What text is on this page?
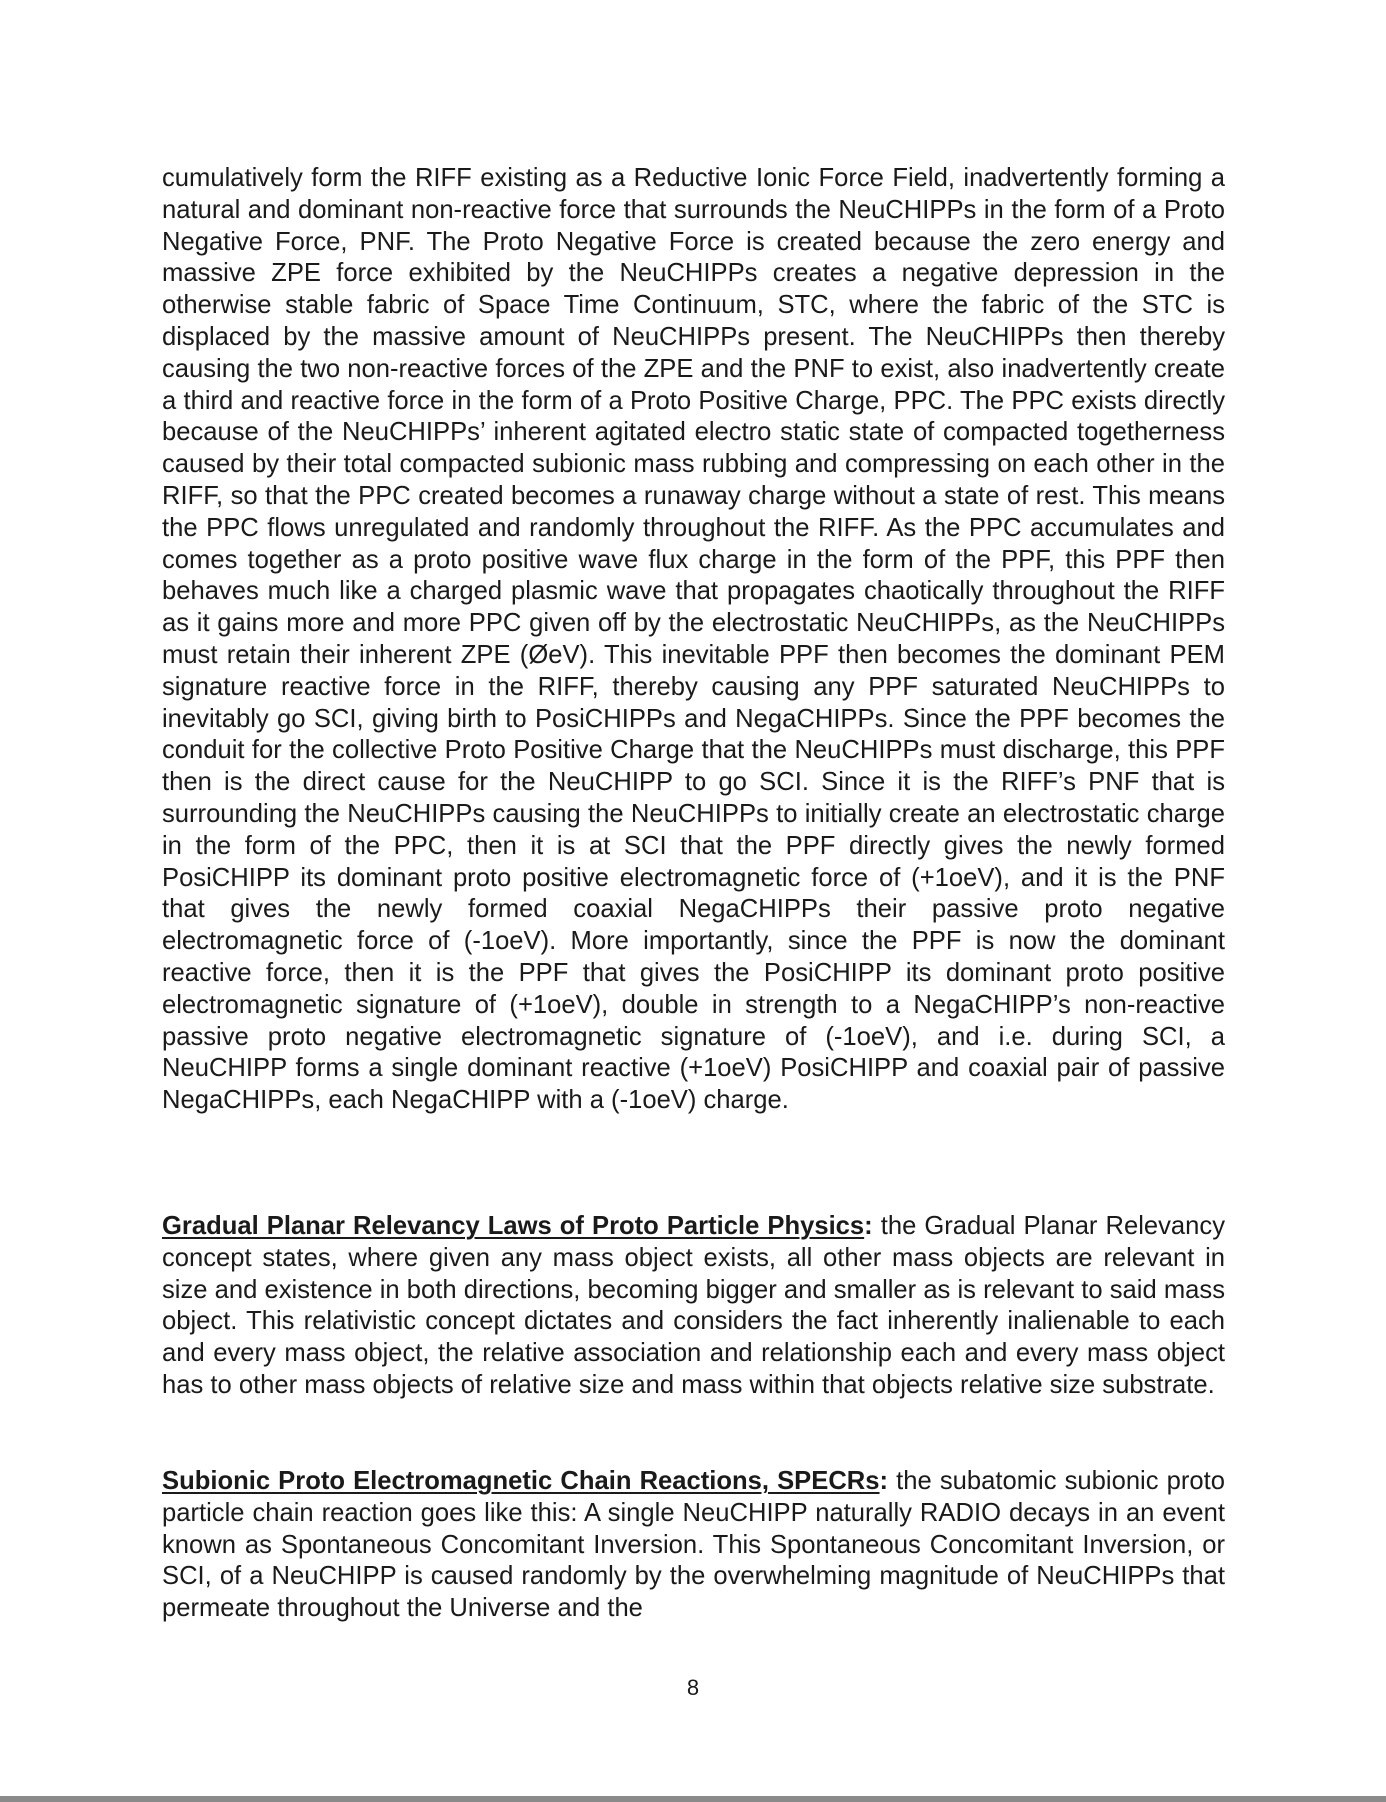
cumulatively form the RIFF existing as a Reductive Ionic Force Field, inadvertently forming a natural and dominant non-reactive force that surrounds the NeuCHIPPs in the form of a Proto Negative Force, PNF. The Proto Negative Force is created because the zero energy and massive ZPE force exhibited by the NeuCHIPPs creates a negative depression in the otherwise stable fabric of Space Time Continuum, STC, where the fabric of the STC is displaced by the massive amount of NeuCHIPPs present. The NeuCHIPPs then thereby causing the two non-reactive forces of the ZPE and the PNF to exist, also inadvertently create a third and reactive force in the form of a Proto Positive Charge, PPC. The PPC exists directly because of the NeuCHIPPs’ inherent agitated electro static state of compacted togetherness caused by their total compacted subionic mass rubbing and compressing on each other in the RIFF, so that the PPC created becomes a runaway charge without a state of rest. This means the PPC flows unregulated and randomly throughout the RIFF. As the PPC accumulates and comes together as a proto positive wave flux charge in the form of the PPF, this PPF then behaves much like a charged plasmic wave that propagates chaotically throughout the RIFF as it gains more and more PPC given off by the electrostatic NeuCHIPPs, as the NeuCHIPPs must retain their inherent ZPE (ØeV). This inevitable PPF then becomes the dominant PEM signature reactive force in the RIFF, thereby causing any PPF saturated NeuCHIPPs to inevitably go SCI, giving birth to PosiCHIPPs and NegaCHIPPs. Since the PPF becomes the conduit for the collective Proto Positive Charge that the NeuCHIPPs must discharge, this PPF then is the direct cause for the NeuCHIPP to go SCI. Since it is the RIFF’s PNF that is surrounding the NeuCHIPPs causing the NeuCHIPPs to initially create an electrostatic charge in the form of the PPC, then it is at SCI that the PPF directly gives the newly formed PosiCHIPP its dominant proto positive electromagnetic force of (+1oeV), and it is the PNF that gives the newly formed coaxial NegaCHIPPs their passive proto negative electromagnetic force of (-1oeV). More importantly, since the PPF is now the dominant reactive force, then it is the PPF that gives the PosiCHIPP its dominant proto positive electromagnetic signature of (+1oeV), double in strength to a NegaCHIPP’s non-reactive passive proto negative electromagnetic signature of (-1oeV), and i.e. during SCI, a NeuCHIPP forms a single dominant reactive (+1oeV) PosiCHIPP and coaxial pair of passive NegaCHIPPs, each NegaCHIPP with a (-1oeV) charge.

Gradual Planar Relevancy Laws of Proto Particle Physics: the Gradual Planar Relevancy concept states, where given any mass object exists, all other mass objects are relevant in size and existence in both directions, becoming bigger and smaller as is relevant to said mass object. This relativistic concept dictates and considers the fact inherently inalienable to each and every mass object, the relative association and relationship each and every mass object has to other mass objects of relative size and mass within that objects relative size substrate.

Subionic Proto Electromagnetic Chain Reactions, SPECRs: the subatomic subionic proto particle chain reaction goes like this: A single NeuCHIPP naturally RADIO decays in an event known as Spontaneous Concomitant Inversion. This Spontaneous Concomitant Inversion, or SCI, of a NeuCHIPP is caused randomly by the overwhelming magnitude of NeuCHIPPs that permeate throughout the Universe and the

8
